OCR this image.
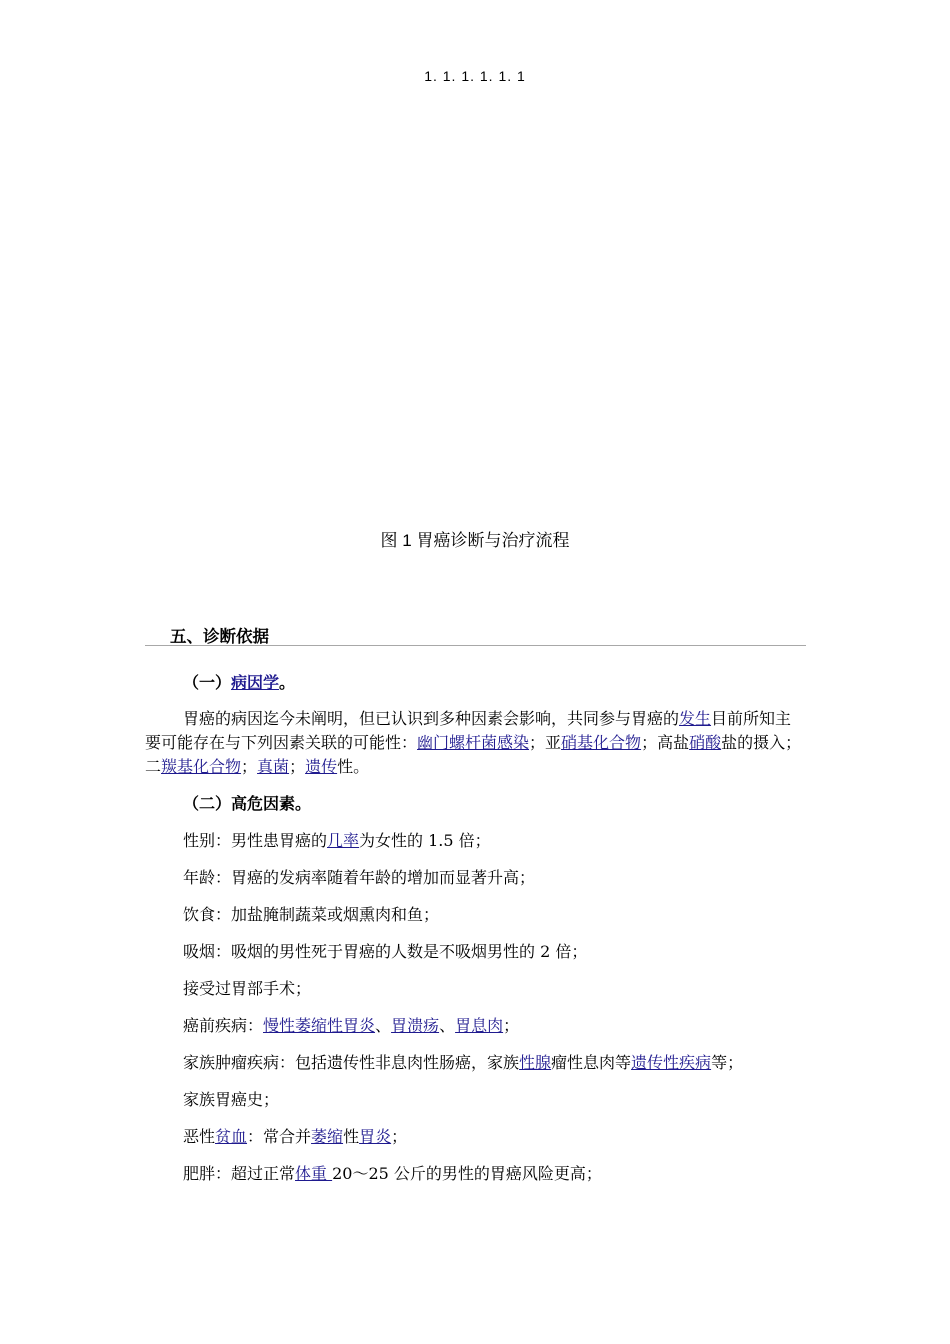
1. 1. 1. 1. 1. 1
图 1 胃癌诊断与治疗流程
五、诊断依据

（一）病因学。

胃癌的病因迄今未阐明，但已认识到多种因素会影响，共同参与胃癌的发生目前所知主要可能存在与下列因素关联的可能性：幽门螺杆菌感染；亚硝基化合物；高盐硝酸盐的摄入；二羰基化合物；真菌；遗传性。

（二）高危因素。

性别：男性患胃癌的几率为女性的 1.5 倍；

年龄：胃癌的发病率随着年龄的增加而显著升高；

饮食：加盐腌制蔬菜或烟熏肉和鱼；

吸烟：吸烟的男性死于胃癌的人数是不吸烟男性的 2 倍；

接受过胃部手术；

癌前疾病：慢性萎缩性胃炎、胃溃疡、胃息肉；

家族肿瘤疾病：包括遗传性非息肉性肠癌，家族性腺瘤性息肉等遗传性疾病等；

家族胃癌史；

恶性贫血：常合并萎缩性胃炎；

肥胖：超过正常体重 20～25 公斤的男性的胃癌风险更高；
